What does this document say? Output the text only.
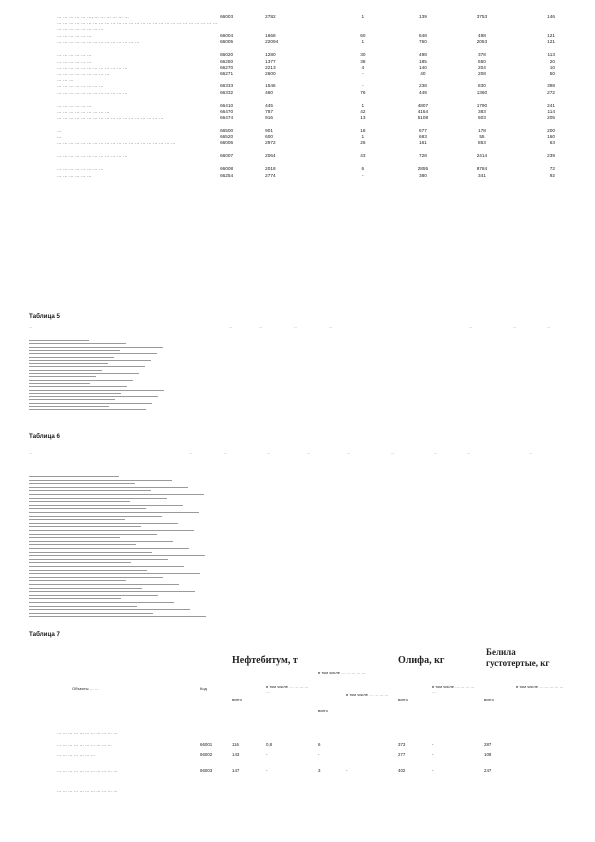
… … … … … …, … … … … … …	66003	2782	1	139	3753	146
… … … … … … … … … … … … … … … … … … … … … … … … … … … … … … … … … … …						
… … … … … …	66004	1668	60	648	498	121
… … … … … … … … … … … … … …	66005	22094	1	760	2053	121
… … … … … …	66020	1280	30	498	378	113
… … … … … …	66250	1377	38	185	550	20
… … … … … … … … … … … …	66270	2213	4	140	204	10
… … … … … … … … …	66271	2600	-	40	208	50
… … …						
… … … … … … … …	66333	1546	-	238	830	398
… … … … … … … … … … … …	66332	460	76	449	1360	272
… … … … … …	66410	445	1	4807	1790	241
… … … … … … … … …	66470	787	42	4164	383	114
… … … … … … … … … … … … … … … … … …	66474	916	13	5108	503	205
…	66500	901	18	677	178	200
…	66520	600	1	683	55	160
… … … … … … … … … … … … … … … … … … … …	66006	2972	26	161	853	63
… … … … … … … … … … … …	66007	2064	43	728	2414	239
… … … … … … … …	66008	2018	6	2855	8784	72
… … … … … …	66254	2774	-	380	341	92
Таблица 5
…	…	…	…	…	…	…	…
Таблица 6
…	…	…	…	…	…	…	…	…	…
Таблица 7
Нефтебитум, т	Олифа, кг
Белила густотертые, кг
Объекты … …	Код
всего
в том числе … … … … …
в том числе … … … … …
всего
в том числе … … … …
всего
в том числе … … … … …
всего
в том числе … … … … …
… … … … … … … … … … …
… … … … … … … … … …	66001	116	0,8	6	373	-	287
… … … … … … …	66002	143	-	-	277	-	108
… … … … … … … … … … …	66003	147	-	3	-	402	-	247
… … … … … … … … … … …
